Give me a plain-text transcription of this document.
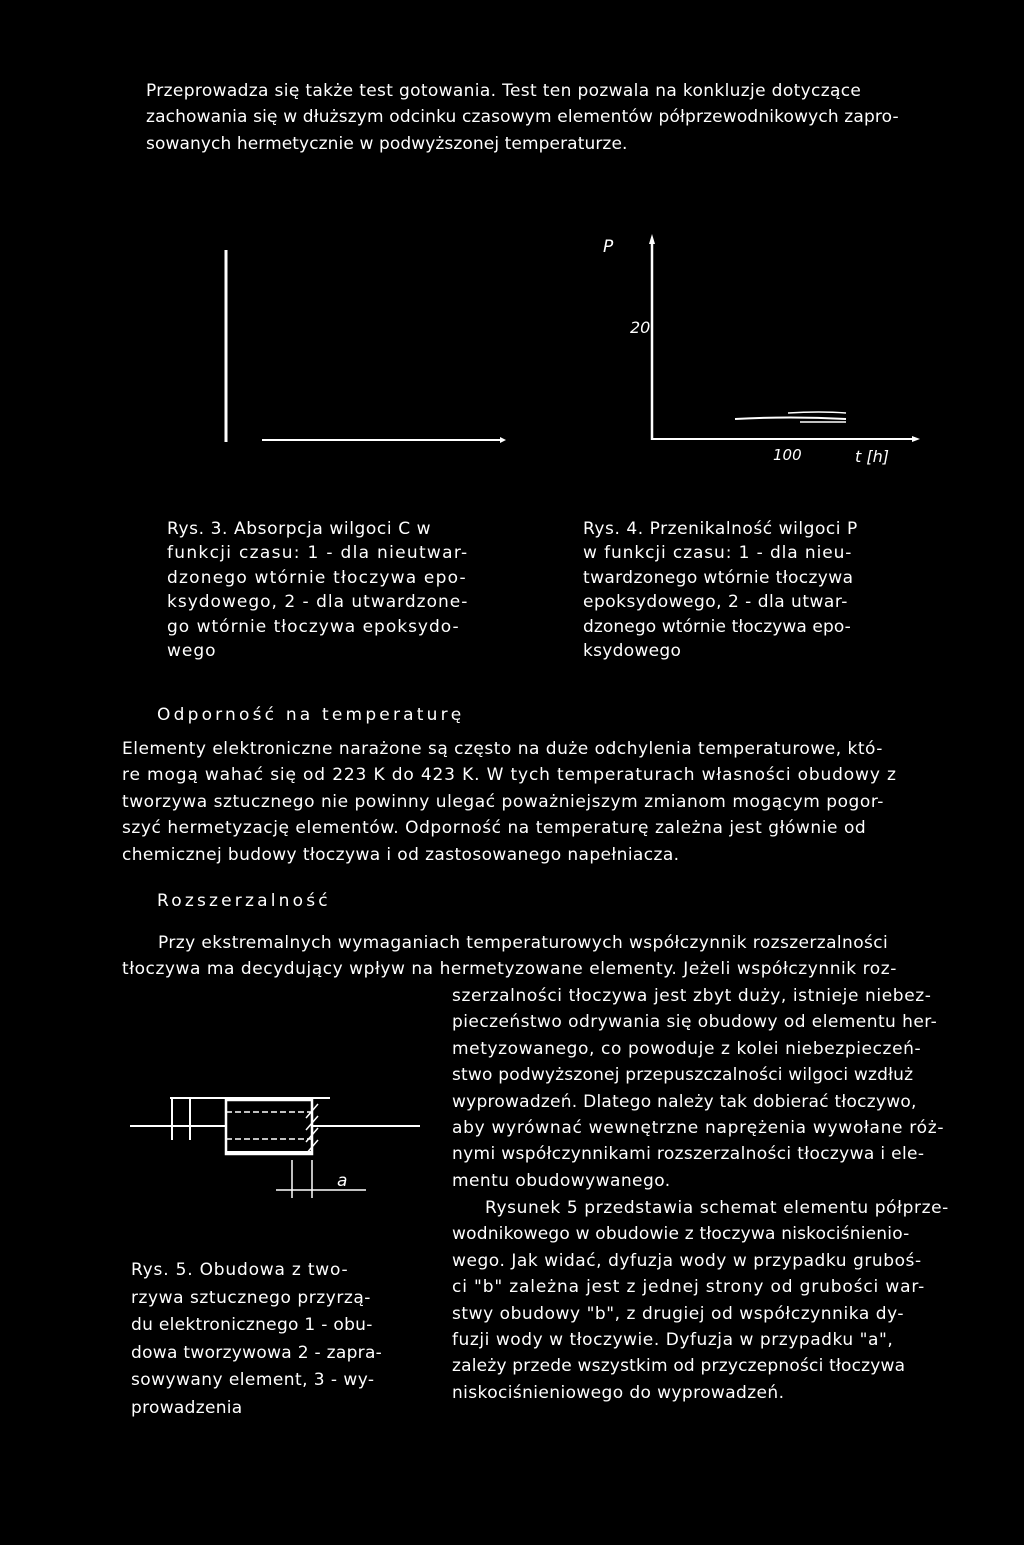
Przeprowadza się także test gotowania. Test ten pozwala na konkluzje dotyczące
zachowania się w dłuższym odcinku czasowym elementów półprzewodnikowych zapro-
sowanych hermetycznie w podwyższonej temperaturze.
P
20
100	t [h]
Rys. 3. Absorpcja wilgoci C w
funkcji czasu: 1 - dla nieutwar-
dzonego wtórnie tłoczywa epo-
ksydowego, 2 - dla utwardzone-
go wtórnie tłoczywa epoksydo-
wego
Rys. 4. Przenikalność wilgoci P
w funkcji czasu: 1 - dla nieu-
twardzonego wtórnie tłoczywa
epoksydowego, 2 - dla utwar-
dzonego wtórnie tłoczywa epo-
ksydowego
Odporność na temperaturę
Elementy elektroniczne narażone są często na duże odchylenia temperaturowe, któ-
re mogą wahać się od 223 K do 423 K. W tych temperaturach własności obudowy z
tworzywa sztucznego nie powinny ulegać poważniejszym zmianom mogącym pogor-
szyć hermetyzację elementów. Odporność na temperaturę zależna jest głównie od
chemicznej budowy tłoczywa i od zastosowanego napełniacza.
Rozszerzalność
Przy ekstremalnych wymaganiach temperaturowych współczynnik rozszerzalności
tłoczywa ma decydujący wpływ na hermetyzowane elementy. Jeżeli współczynnik roz-
szerzalności tłoczywa jest zbyt duży, istnieje niebez-
pieczeństwo odrywania się obudowy od elementu her-
metyzowanego, co powoduje z kolei niebezpieczeń-
stwo podwyższonej przepuszczalności wilgoci wzdłuż
wyprowadzeń. Dlatego należy tak dobierać tłoczywo,
aby wyrównać wewnętrzne naprężenia wywołane róż-
nymi współczynnikami rozszerzalności tłoczywa i ele-
mentu obudowywanego.
Rysunek 5 przedstawia schemat elementu półprze-
wodnikowego w obudowie z tłoczywa niskociśnienio-
wego. Jak widać, dyfuzja wody w przypadku gruboś-
ci "b" zależna jest z jednej strony od grubości war-
stwy obudowy "b", z drugiej od współczynnika dy-
fuzji wody w tłoczywie. Dyfuzja w przypadku "a",
zależy przede wszystkim od przyczepności tłoczywa
niskociśnieniowego do wyprowadzeń.
a
Rys. 5. Obudowa z two-
rzywa sztucznego przyrzą-
du elektronicznego 1 - obu-
dowa tworzywowa 2 - zapra-
sowywany element, 3 - wy-
prowadzenia
